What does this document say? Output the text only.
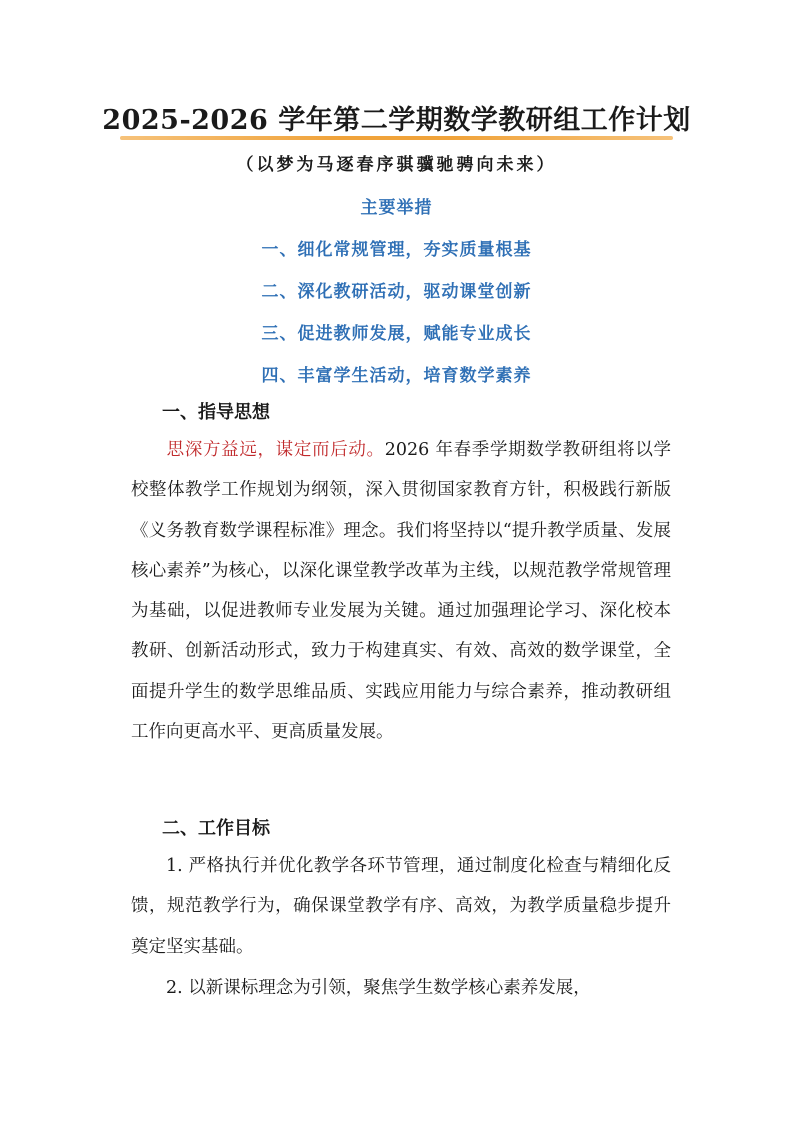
2025-2026 学年第二学期数学教研组工作计划
（以梦为马逐春序骐骥驰骋向未来）
主要举措
一、细化常规管理，夯实质量根基
二、深化教研活动，驱动课堂创新
三、促进教师发展，赋能专业成长
四、丰富学生活动，培育数学素养
一、指导思想

思深方益远，谋定而后动。2026 年春季学期数学教研组将以学校整体教学工作规划为纲领，深入贯彻国家教育方针，积极践行新版《义务教育数学课程标准》理念。我们将坚持以“提升教学质量、发展核心素养”为核心，以深化课堂教学改革为主线，以规范教学常规管理为基础，以促进教师专业发展为关键。通过加强理论学习、深化校本教研、创新活动形式，致力于构建真实、有效、高效的数学课堂，全面提升学生的数学思维品质、实践应用能力与综合素养，推动教研组工作向更高水平、更高质量发展。

二、工作目标

1. 严格执行并优化教学各环节管理，通过制度化检查与精细化反馈，规范教学行为，确保课堂教学有序、高效，为教学质量稳步提升奠定坚实基础。

2. 以新课标理念为引领，聚焦学生数学核心素养发展，
